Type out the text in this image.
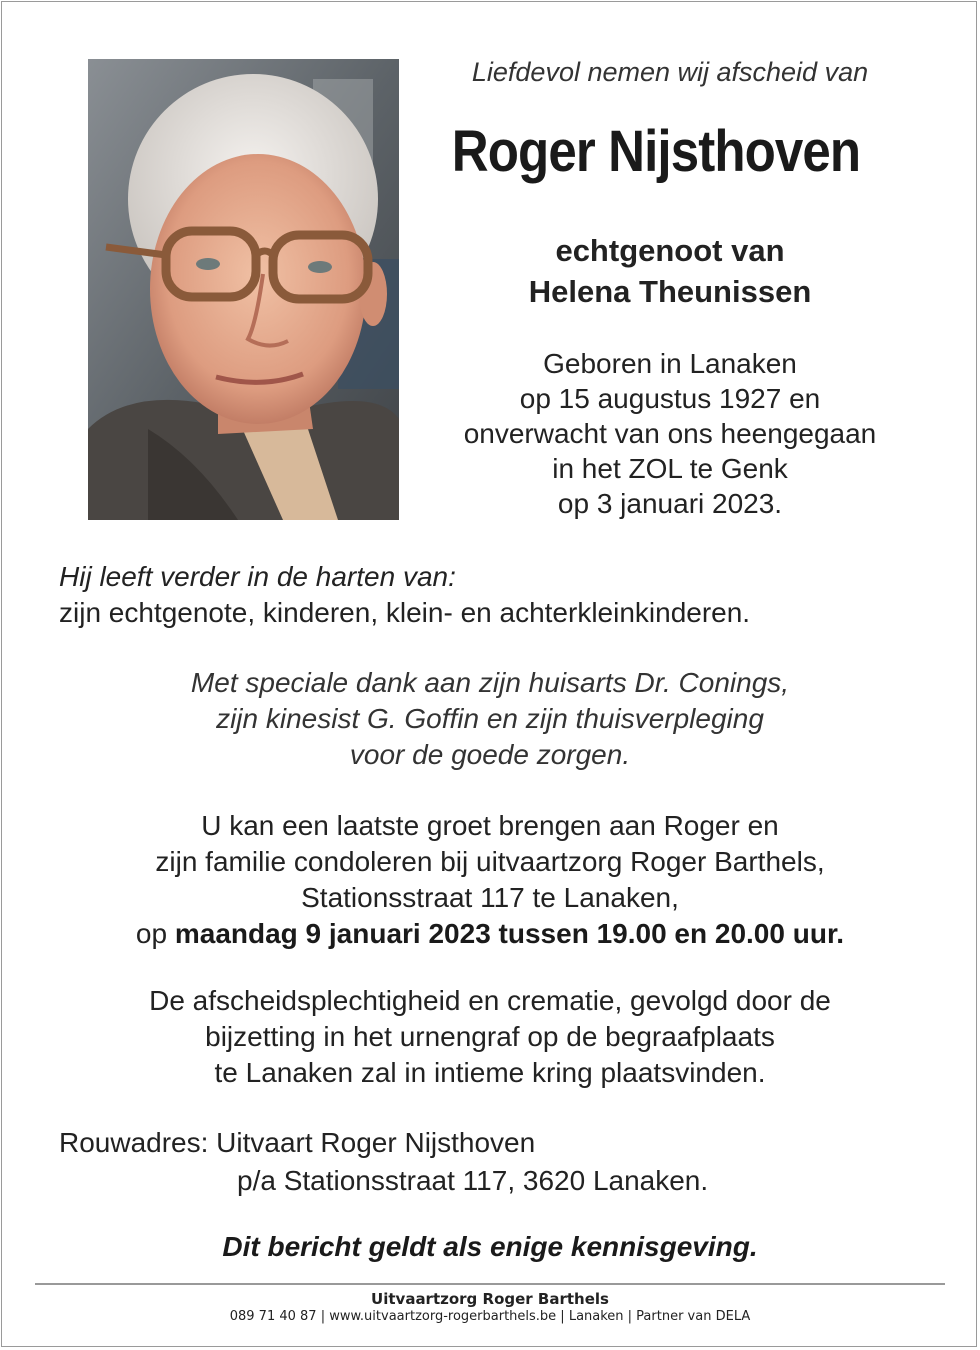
Liefdevol nemen wij afscheid van
Roger Nijsthoven
echtgenoot van
Helena Theunissen
Geboren in Lanaken
op 15 augustus 1927 en
onverwacht van ons heengegaan
in het ZOL te Genk
op 3 januari 2023.
Hij leeft verder in de harten van:
zijn echtgenote, kinderen, klein- en achterkleinkinderen.
Met speciale dank aan zijn huisarts Dr. Conings,
zijn kinesist G. Goffin en zijn thuisverpleging
voor de goede zorgen.
U kan een laatste groet brengen aan Roger en
zijn familie condoleren bij uitvaartzorg Roger Barthels,
Stationsstraat 117 te Lanaken,
op maandag 9 januari 2023 tussen 19.00 en 20.00 uur.
De afscheidsplechtigheid en crematie, gevolgd door de
bijzetting in het urnengraf op de begraafplaats
te Lanaken zal in intieme kring plaatsvinden.
Rouwadres: Uitvaart Roger Nijsthoven
p/a Stationsstraat 117, 3620 Lanaken.
Dit bericht geldt als enige kennisgeving.
Uitvaartzorg Roger Barthels
089 71 40 87 | www.uitvaartzorg-rogerbarthels.be | Lanaken | Partner van DELA
